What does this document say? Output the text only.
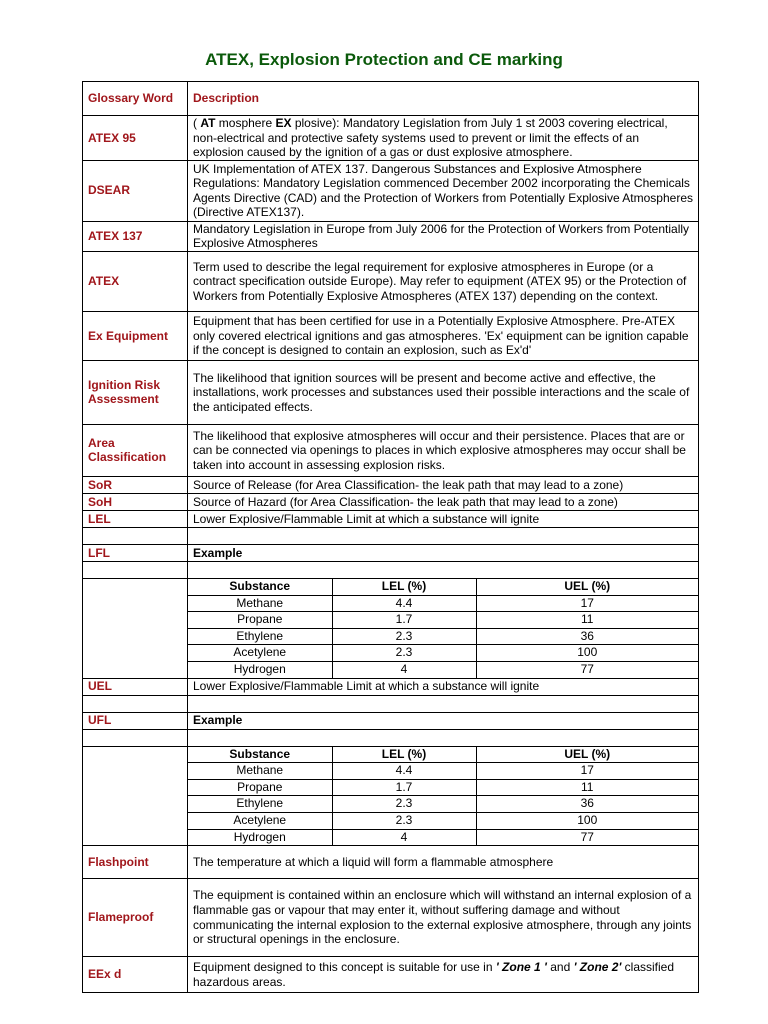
ATEX, Explosion Protection and CE marking
Glossary Word	Description
ATEX 95	( AT mosphere EX plosive): Mandatory Legislation from July 1 st 2003 covering electrical, non-electrical and protective safety systems used to prevent or limit the effects of an explosion caused by the ignition of a gas or dust explosive atmosphere.
DSEAR	UK Implementation of ATEX 137. Dangerous Substances and Explosive Atmosphere Regulations: Mandatory Legislation commenced December 2002 incorporating the Chemicals Agents Directive (CAD) and the Protection of Workers from Potentially Explosive Atmospheres (Directive ATEX137).
ATEX 137	Mandatory Legislation in Europe from July 2006 for the Protection of Workers from Potentially Explosive Atmospheres
ATEX	Term used to describe the legal requirement for explosive atmospheres in Europe (or a contract specification outside Europe). May refer to equipment (ATEX 95) or the Protection of Workers from Potentially Explosive Atmospheres (ATEX 137) depending on the context.
Ex Equipment	Equipment that has been certified for use in a Potentially Explosive Atmosphere. Pre-ATEX only covered electrical ignitions and gas atmospheres. 'Ex' equipment can be ignition capable if the concept is designed to contain an explosion, such as Ex'd'
Ignition Risk Assessment	The likelihood that ignition sources will be present and become active and effective, the installations, work processes and substances used their possible interactions and the scale of the anticipated effects.
Area Classification	The likelihood that explosive atmospheres will occur and their persistence. Places that are or can be connected via openings to places in which explosive atmospheres may occur shall be taken into account in assessing explosion risks.
SoR	Source of Release (for Area Classification- the leak path that may lead to a zone)
SoH	Source of Hazard (for Area Classification- the leak path that may lead to a zone)
LEL	Lower Explosive/Flammable Limit at which a substance will ignite

LFL	Example

Substance	LEL (%)	UEL (%)
Methane	4.4	17
Propane	1.7	11
Ethylene	2.3	36
Acetylene	2.3	100
Hydrogen	4	77

UEL	Lower Explosive/Flammable Limit at which a substance will ignite

UFL	Example

Substance	LEL (%)	UEL (%)
Methane	4.4	17
Propane	1.7	11
Ethylene	2.3	36
Acetylene	2.3	100
Hydrogen	4	77

Flashpoint	The temperature at which a liquid will form a flammable atmosphere
Flameproof	The equipment is contained within an enclosure which will withstand an internal explosion of a flammable gas or vapour that may enter it, without suffering damage and without communicating the internal explosion to the external explosive atmosphere, through any joints or structural openings in the enclosure.
EEx d	Equipment designed to this concept is suitable for use in ' Zone 1 ' and ' Zone 2' classified hazardous areas.
